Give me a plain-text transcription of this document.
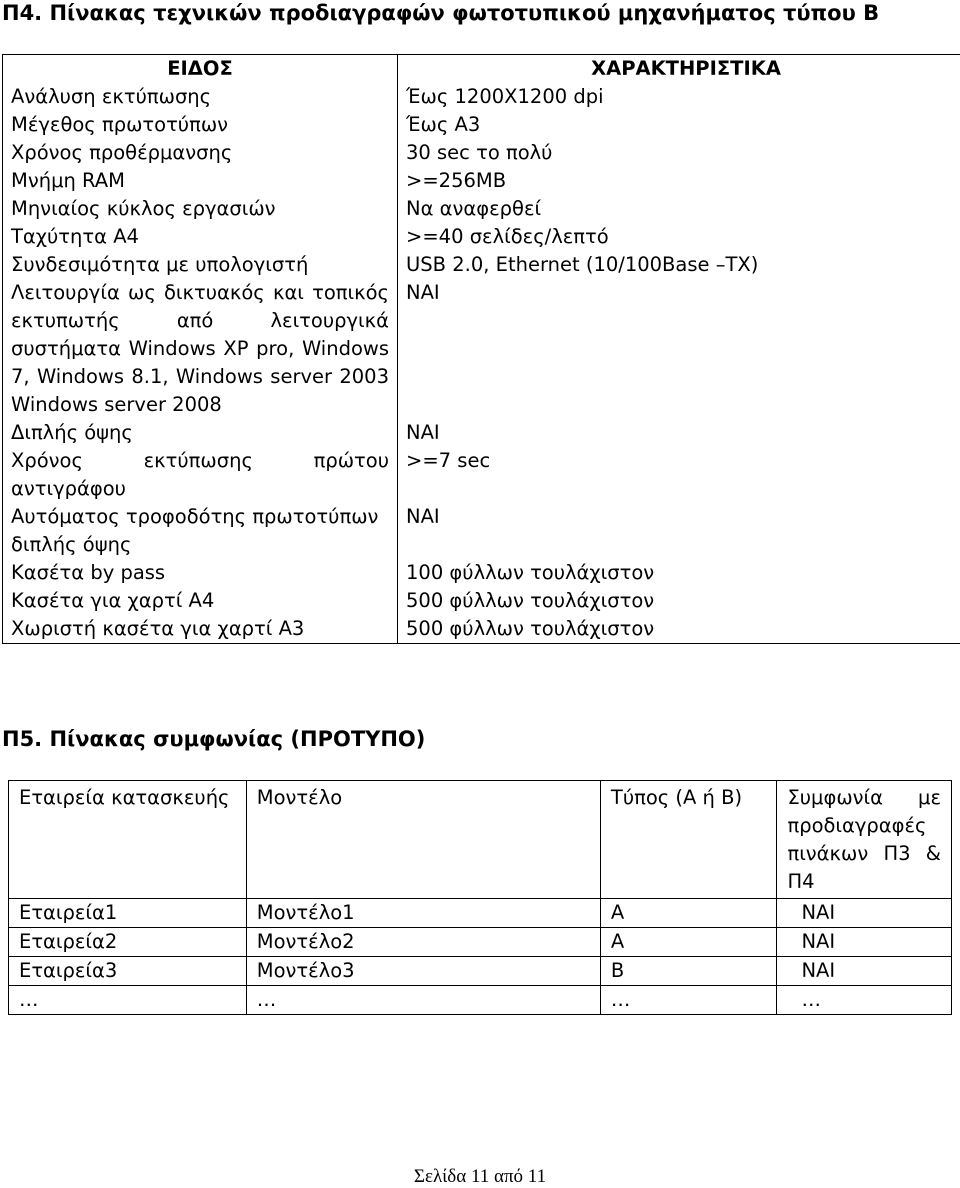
Π4. Πίνακας τεχνικών προδιαγραφών φωτοτυπικού μηχανήματος τύπου Β
ΕΙΔΟΣ	ΧΑΡΑΚΤΗΡΙΣΤΙΚΑ
Ανάλυση εκτύπωσης	Έως 1200Χ1200 dpi
Μέγεθος πρωτοτύπων	Έως Α3
Χρόνος προθέρμανσης	30 sec το πολύ
Μνήμη RAM	>=256MB
Μηνιαίος κύκλος εργασιών	Να αναφερθεί
Ταχύτητα Α4	>=40 σελίδες/λεπτό
Συνδεσιμότητα με υπολογιστή	USB 2.0, Ethernet (10/100Base –TX)
Λειτουργία ως δικτυακός και τοπικός εκτυπωτής από λειτουργικά συστήματα Windows XP pro, Windows 7, Windows 8.1, Windows server 2003 Windows server 2008	ΝΑΙ
Διπλής όψης	ΝΑΙ
Χρόνος εκτύπωσης πρώτου αντιγράφου	>=7 sec
Αυτόματος τροφοδότης πρωτοτύπων διπλής όψης	ΝΑΙ
Κασέτα by pass	100 φύλλων τουλάχιστον
Κασέτα για χαρτί Α4	500 φύλλων τουλάχιστον
Χωριστή κασέτα για χαρτί Α3	500 φύλλων τουλάχιστον
Π5. Πίνακας συμφωνίας (ΠΡΟΤΥΠΟ)
Εταιρεία κατασκευής	Μοντέλο	Τύπος (Α ή Β)	Συμφωνία με προδιαγραφές πινάκων Π3 & Π4
Εταιρεία1	Μοντέλο1	Α	ΝΑΙ
Εταιρεία2	Μοντέλο2	Α	ΝΑΙ
Εταιρεία3	Μοντέλο3	Β	ΝΑΙ
…	…	…	…
Σελίδα 11 από 11
